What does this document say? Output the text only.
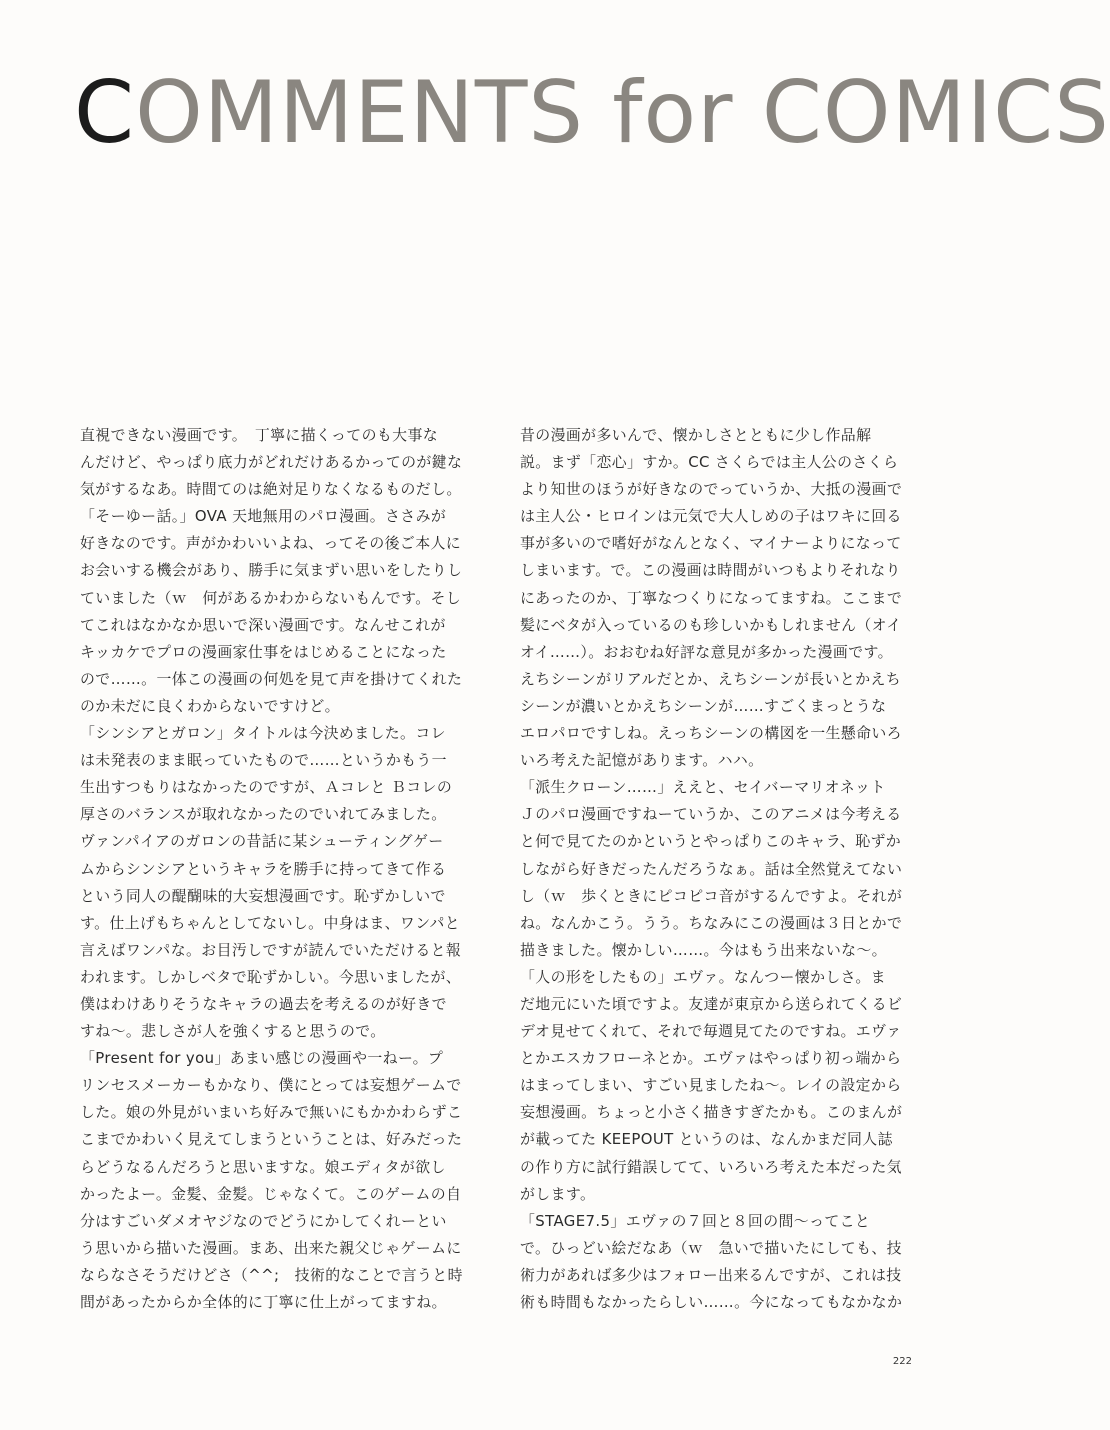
COMMENTS for COMICS
直視できない漫画です。　丁寧に描くってのも大事な
んだけど、やっぱり底力がどれだけあるかってのが鍵な
気がするなあ。時間てのは絶対足りなくなるものだし。
「そーゆー話。」OVA 天地無用のパロ漫画。ささみが
好きなのです。声がかわいいよね、ってその後ご本人に
お会いする機会があり、勝手に気まずい思いをしたりし
ていました（ｗ　何があるかわからないもんです。そし
てこれはなかなか思いで深い漫画です。なんせこれが
キッカケでプロの漫画家仕事をはじめることになった
ので……。一体この漫画の何処を見て声を掛けてくれた
のか未だに良くわからないですけど。
「シンシアとガロン」タイトルは今決めました。コレ
は未発表のまま眠っていたもので……というかもう一
生出すつもりはなかったのですが、Ａコレと Ｂコレの
厚さのバランスが取れなかったのでいれてみました。
ヴァンパイアのガロンの昔話に某シューティングゲー
ムからシンシアというキャラを勝手に持ってきて作る
という同人の醍醐味的大妄想漫画です。恥ずかしいで
す。仕上げもちゃんとしてないし。中身はま、ワンパと
言えばワンパな。お目汚しですが読んでいただけると報
われます。しかしベタで恥ずかしい。今思いましたが、
僕はわけありそうなキャラの過去を考えるのが好きで
すね～。悲しさが人を強くすると思うので。
「Present for you」あまい感じの漫画や一ねー。プ
リンセスメーカーもかなり、僕にとっては妄想ゲームで
した。娘の外見がいまいち好みで無いにもかかわらずこ
こまでかわいく見えてしまうということは、好みだった
らどうなるんだろうと思いますな。娘エディタが欲し
かったよー。金髪、金髪。じゃなくて。このゲームの自
分はすごいダメオヤジなのでどうにかしてくれーとい
う思いから描いた漫画。まあ、出来た親父じゃゲームに
ならなさそうだけどさ（^^;　技術的なことで言うと時
間があったからか全体的に丁寧に仕上がってますね。
昔の漫画が多いんで、懐かしさとともに少し作品解
説。まず「恋心」すか。CC さくらでは主人公のさくら
より知世のほうが好きなのでっていうか、大抵の漫画で
は主人公・ヒロインは元気で大人しめの子はワキに回る
事が多いので嗜好がなんとなく、マイナーよりになって
しまいます。で。この漫画は時間がいつもよりそれなり
にあったのか、丁寧なつくりになってますね。ここまで
髪にベタが入っているのも珍しいかもしれません（オイ
オイ……）。おおむね好評な意見が多かった漫画です。
えちシーンがリアルだとか、えちシーンが長いとかえち
シーンが濃いとかえちシーンが……すごくまっとうな
エロパロですしね。えっちシーンの構図を一生懸命いろ
いろ考えた記憶があります。ハハ。
「派生クローン……」ええと、セイバーマリオネット
Ｊのパロ漫画ですねーていうか、このアニメは今考える
と何で見てたのかというとやっぱりこのキャラ、恥ずか
しながら好きだったんだろうなぁ。話は全然覚えてない
し（ｗ　歩くときにピコピコ音がするんですよ。それが
ね。なんかこう。うう。ちなみにこの漫画は３日とかで
描きました。懐かしい……。今はもう出来ないな～。
「人の形をしたもの」エヴァ。なんつー懐かしさ。ま
だ地元にいた頃ですよ。友達が東京から送られてくるビ
デオ見せてくれて、それで毎週見てたのですね。エヴァ
とかエスカフローネとか。エヴァはやっぱり初っ端から
はまってしまい、すごい見ましたね～。レイの設定から
妄想漫画。ちょっと小さく描きすぎたかも。このまんが
が載ってた KEEPOUT というのは、なんかまだ同人誌
の作り方に試行錯誤してて、いろいろ考えた本だった気
がします。
「STAGE7.5」エヴァの７回と８回の間～ってこと
で。ひっどい絵だなあ（ｗ　急いで描いたにしても、技
術力があれば多少はフォロー出来るんですが、これは技
術も時間もなかったらしい……。今になってもなかなか
222
